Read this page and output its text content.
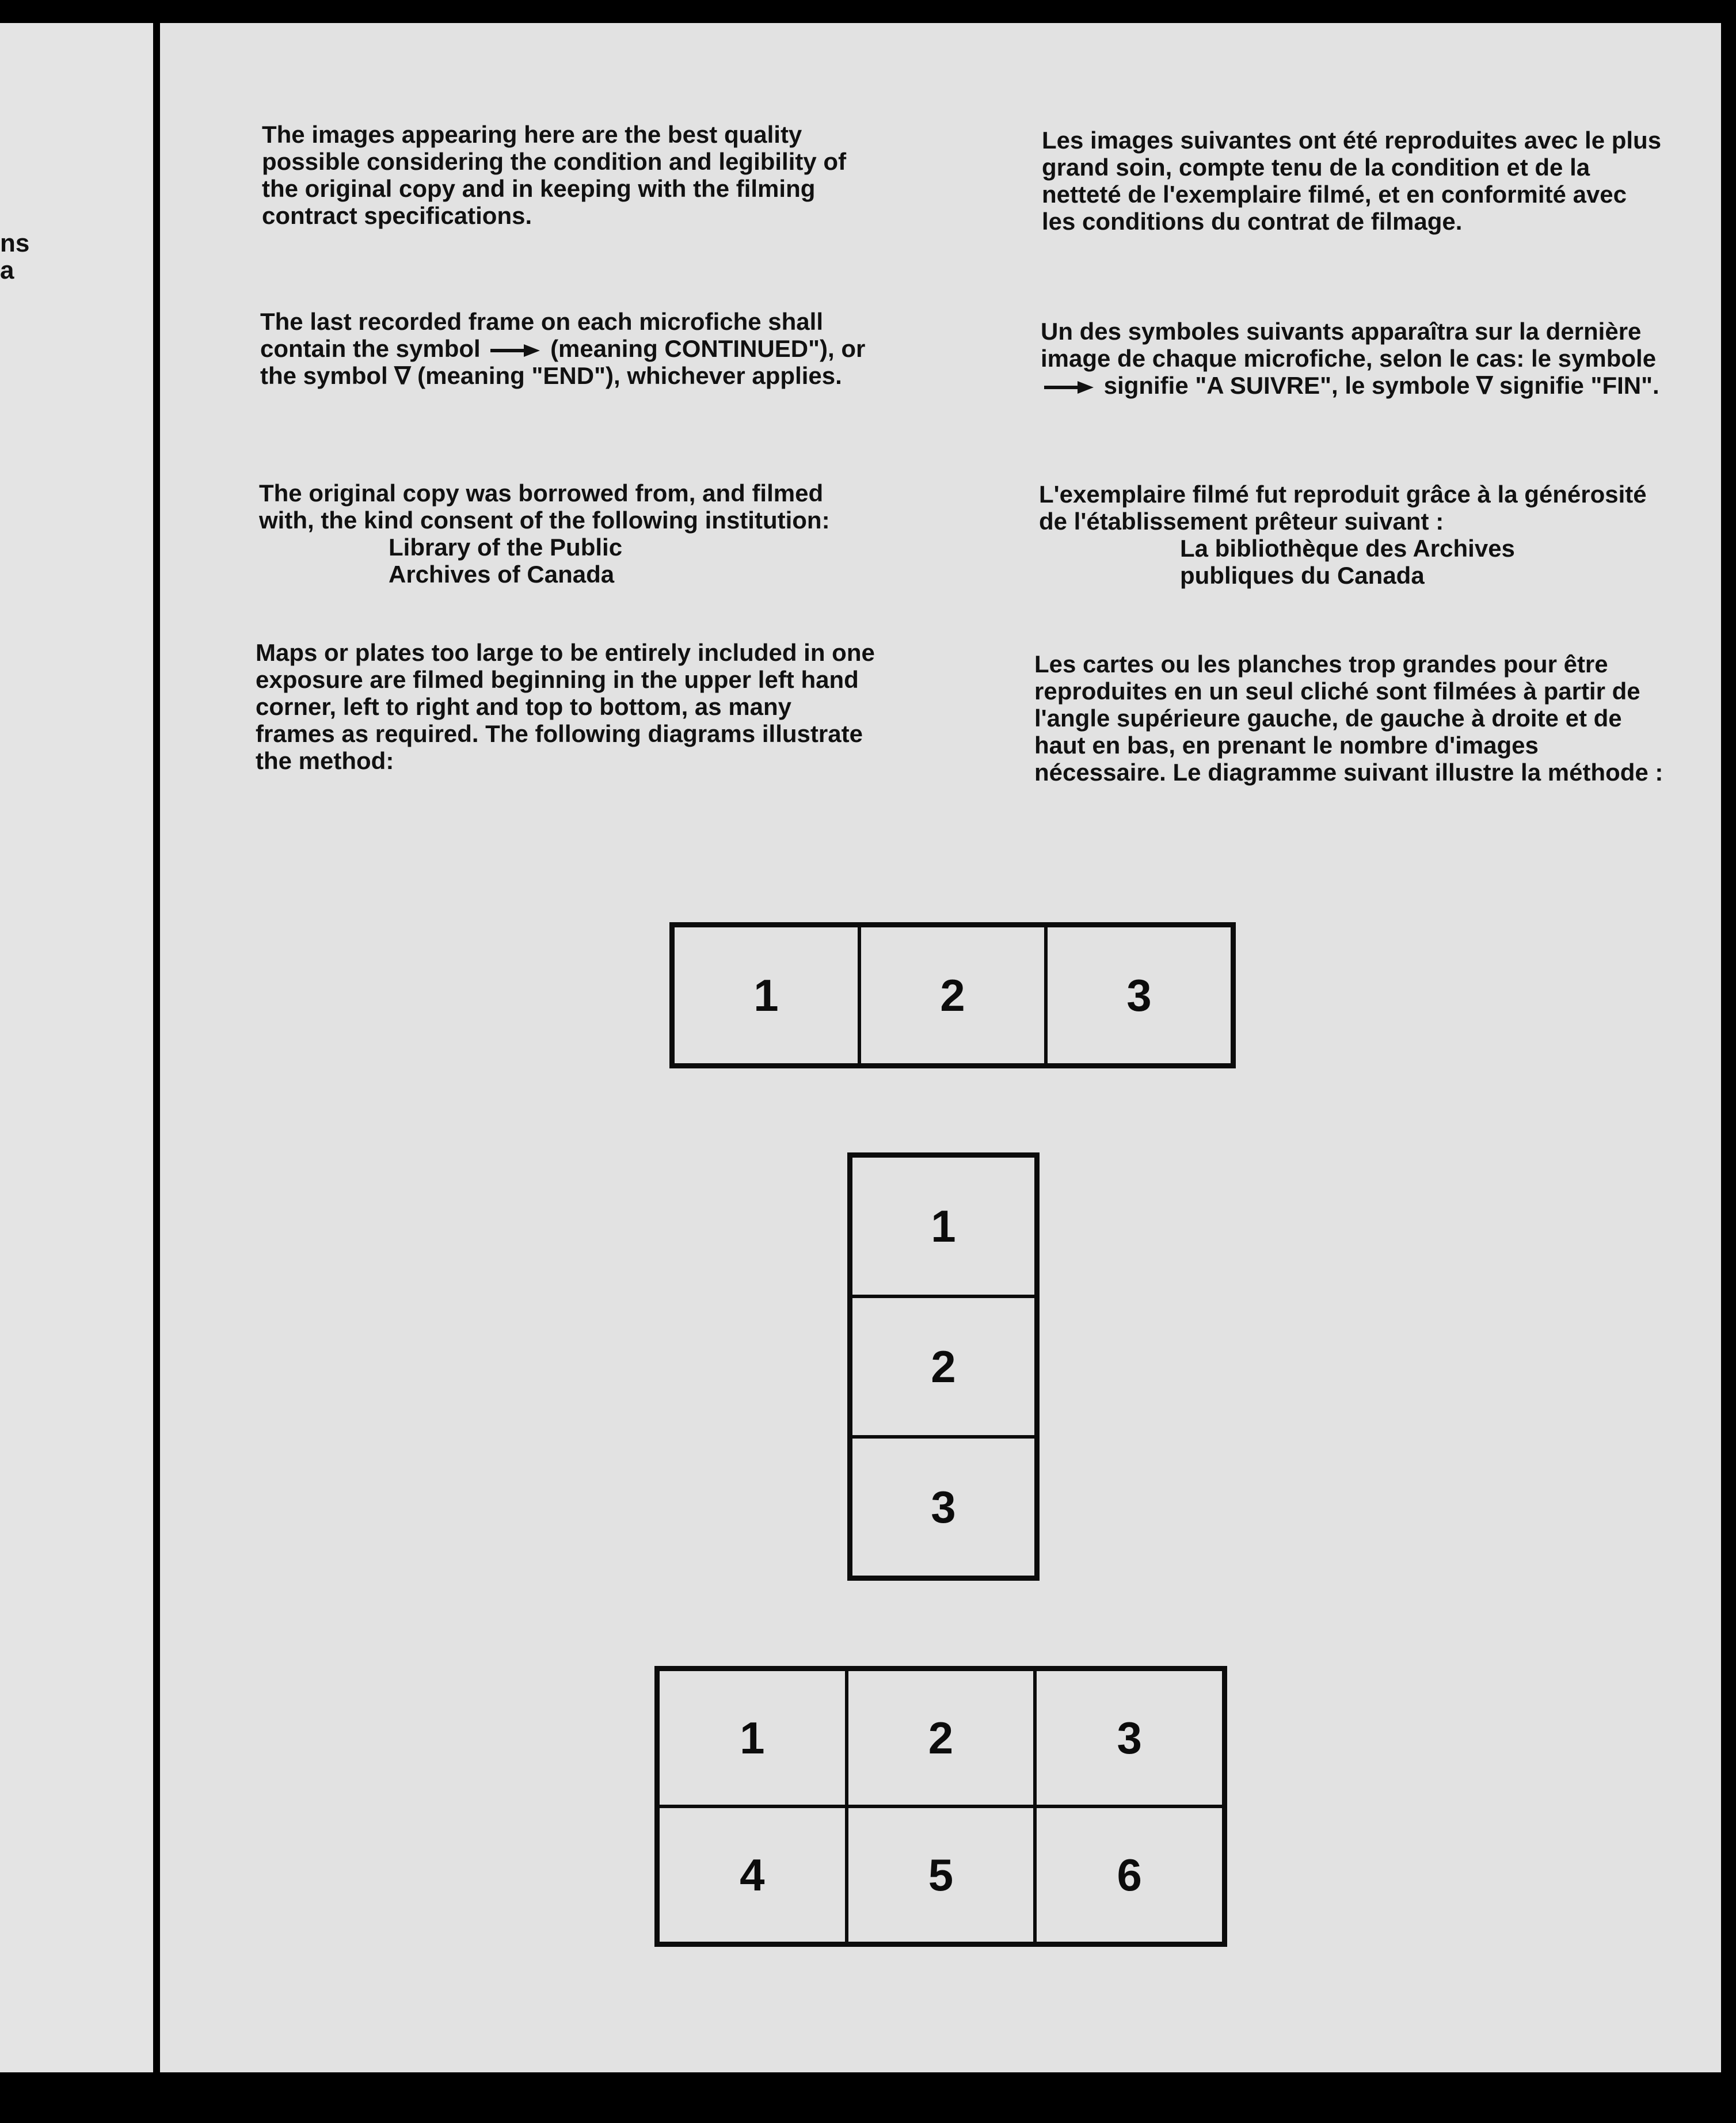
ns
a

The images appearing here are the best quality possible considering the condition and legibility of the original copy and in keeping with the filming contract specifications.

The last recorded frame on each microfiche shall contain the symbol	(meaning CONTINUED"), or the symbol ∇ (meaning "END"), whichever applies.

The original copy was borrowed from, and filmed with, the kind consent of the following institution:

Library of the Public

Archives of Canada

Maps or plates too large to be entirely included in one exposure are filmed beginning in the upper left hand corner, left to right and top to bottom, as many frames as required. The following diagrams illustrate the method:

Les images suivantes ont été reproduites avec le plus grand soin, compte tenu de la condition et de la netteté de l'exemplaire filmé, et en conformité avec les conditions du contrat de filmage.

Un des symboles suivants apparaîtra sur la dernière image de chaque microfiche, selon le cas: le symbole  signifie "A SUIVRE", le symbole ∇ signifie "FIN".

L'exemplaire filmé fut reproduit grâce à la générosité de l'établissement prêteur suivant :

La bibliothèque des Archives

publiques du Canada

Les cartes ou les planches trop grandes pour être reproduites en un seul cliché sont filmées à partir de l'angle supérieure gauche, de gauche à droite et de haut en bas, en prenant le nombre d'images nécessaire. Le diagramme suivant illustre la méthode :

1	2	3
1
2
3
1	2	3
4	5	6
